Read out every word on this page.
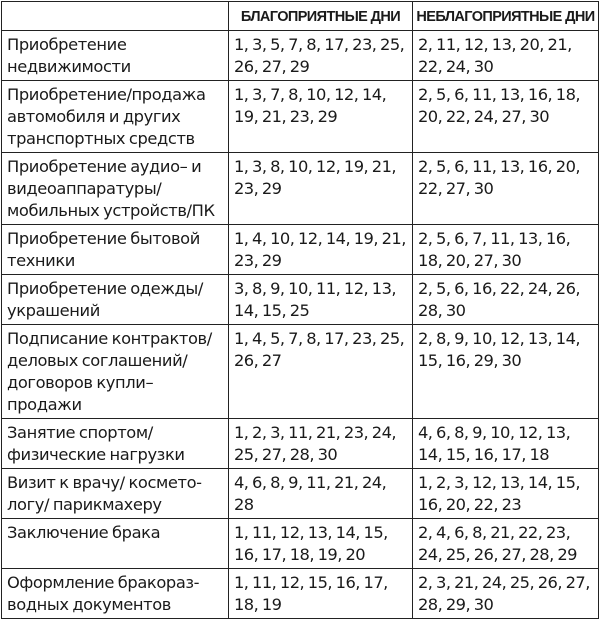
	БЛАГОПРИЯТНЫЕ ДНИ	НЕБЛАГОПРИЯТНЫЕ ДНИ
Приобретение недвижимости	1, 3, 5, 7, 8, 17, 23, 25, 26, 27, 29	2, 11, 12, 13, 20, 21, 22, 24, 30
Приобретение/продажа автомобиля и других транспортных средств	1, 3, 7, 8, 10, 12, 14, 19, 21, 23, 29	2, 5, 6, 11, 13, 16, 18, 20, 22, 24, 27, 30
Приобретение аудио– и видеоаппаратуры/ мобильных устройств/ПК	1, 3, 8, 10, 12, 19, 21, 23, 29	2, 5, 6, 11, 13, 16, 20, 22, 27, 30
Приобретение бытовой техники	1, 4, 10, 12, 14, 19, 21, 23, 29	2, 5, 6, 7, 11, 13, 16, 18, 20, 27, 30
Приобретение одежды/ украшений	3, 8, 9, 10, 11, 12, 13, 14, 15, 25	2, 5, 6, 16, 22, 24, 26, 28, 30
Подписание контрактов/ деловых соглашений/ договоров купли–продажи	1, 4, 5, 7, 8, 17, 23, 25, 26, 27	2, 8, 9, 10, 12, 13, 14, 15, 16, 29, 30
Занятие спортом/ физические нагрузки	1, 2, 3, 11, 21, 23, 24, 25, 27, 28, 30	4, 6, 8, 9, 10, 12, 13, 14, 15, 16, 17, 18
Визит к врачу/ космето-логу/ парикмахеру	4, 6, 8, 9, 11, 21, 24, 28	1, 2, 3, 12, 13, 14, 15, 16, 20, 22, 23
Заключение брака	1, 11, 12, 13, 14, 15, 16, 17, 18, 19, 20	2, 4, 6, 8, 21, 22, 23, 24, 25, 26, 27, 28, 29
Оформление бракораз-водных документов	1, 11, 12, 15, 16, 17, 18, 19	2, 3, 21, 24, 25, 26, 27, 28, 29, 30
